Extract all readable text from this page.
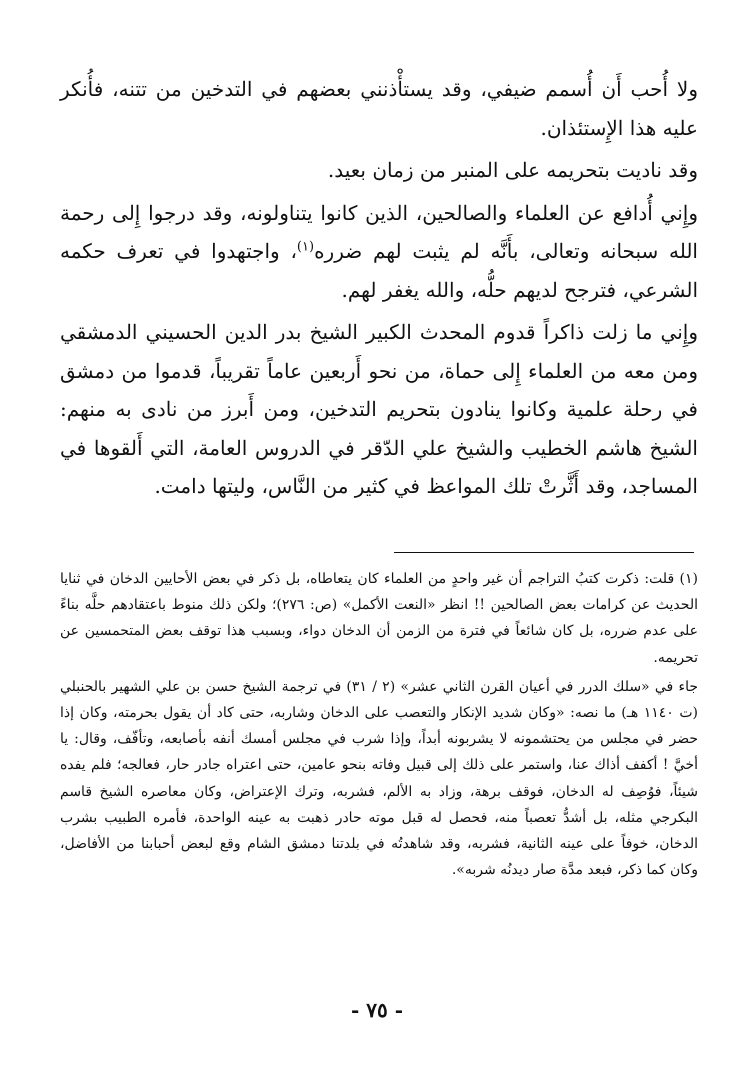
ولا أُحب أَن أُسمم ضيفي، وقد يستأْذنني بعضهم في التدخين من تتنه، فأُنكر عليه هذا الإِستئذان.

وقد ناديت بتحريمه على المنبر من زمان بعيد.

وإِني أُدافع عن العلماء والصالحين، الذين كانوا يتناولونه، وقد درجوا إِلى رحمة الله سبحانه وتعالى، بأَنَّه لم يثبت لهم ضرره$^{(١)}$، واجتهدوا في تعرف حكمه الشرعي، فترجح لديهم حلُّه، والله يغفر لهم.

وإِني ما زلت ذاكراً قدوم المحدث الكبير الشيخ بدر الدين الحسيني الدمشقي ومن معه من العلماء إِلى حماة، من نحو أَربعين عاماً تقريباً، قدموا من دمشق في رحلة علمية وكانوا ينادون بتحريم التدخين، ومن أَبرز من نادى به منهم: الشيخ هاشم الخطيب والشيخ علي الدّقر في الدروس العامة، التي أَلقوها في المساجد، وقد أَثَّرتْ تلك المواعظ في كثير من النَّاس، وليتها دامت.

(١) قلت: ذكرت كتبُ التراجم أن غير واحدٍ من العلماء كان يتعاطاه، بل ذكر في بعض الأحايين الدخان في ثنايا الحديث عن كرامات بعض الصالحين !! انظر «النعت الأكمل» (ص: ٢٧٦)؛ ولكن ذلك منوط باعتقادهم حلَّه بناءً على عدم ضرره، بل كان شائعاً في فترة من الزمن أن الدخان دواء، وبسبب هذا توقف بعض المتحمسين عن تحريمه.

جاء في «سلك الدرر في أعيان القرن الثاني عشر» (٢ / ٣١) في ترجمة الشيخ حسن بن علي الشهير بالحنبلي (ت ١١٤٠ هـ) ما نصه: «وكان شديد الإنكار والتعصب على الدخان وشاربه، حتى كاد أن يقول بحرمته، وكان إذا حضر في مجلس من يحتشمونه لا يشربونه أبداً، وإذا شرب في مجلس أمسك أنفه بأصابعه، وتأفّف، وقال: يا أخيَّ ! أكفف أذاك عنا، واستمر على ذلك إلى قبيل وفاته بنحو عامين، حتى اعتراه جادر حار، فعالجه؛ فلم يفده شيئاً، فوُصِف له الدخان، فوقف برهة، وزاد به الألم، فشربه، وترك الإعتراض، وكان معاصره الشيخ قاسم البكرجي مثله، بل أشدُّ تعصباً منه، فحصل له قبل موته حادر ذهبت به عينه الواحدة، فأمره الطبيب بشرب الدخان، خوفاً على عينه الثانية، فشربه، وقد شاهدتُه في بلدتنا دمشق الشام وقع لبعض أحبابنا من الأفاضل، وكان كما ذكر، فبعد مدَّة صار ديدنُه شربه».

- ٧٥ -
